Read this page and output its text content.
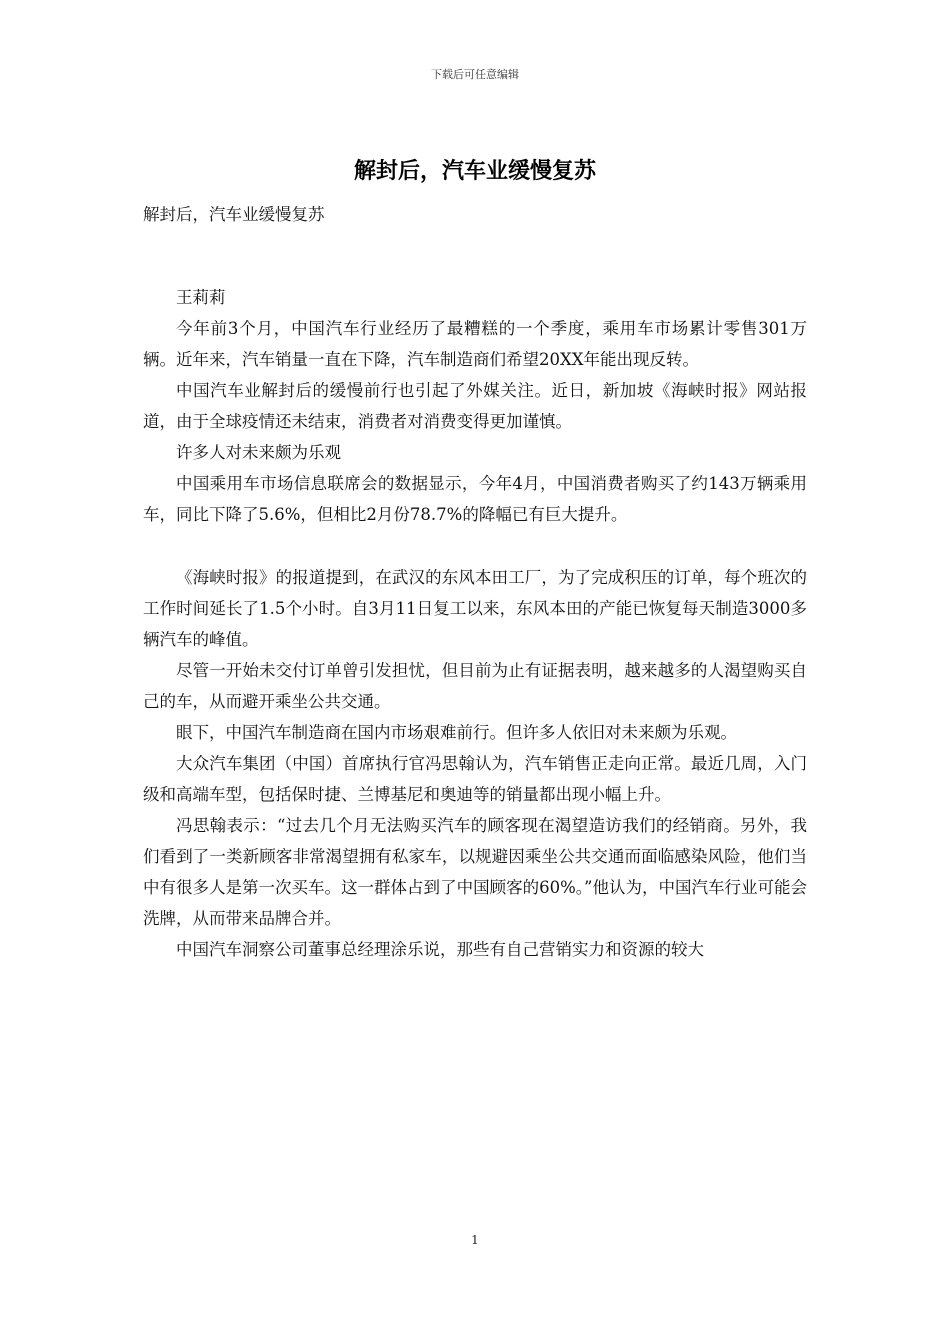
下载后可任意编辑
解封后，汽车业缓慢复苏

解封后，汽车业缓慢复苏

王莉莉

今年前3个月，中国汽车行业经历了最糟糕的一个季度，乘用车市场累计零售301万辆。近年来，汽车销量一直在下降，汽车制造商们希望20XX年能出现反转。

中国汽车业解封后的缓慢前行也引起了外媒关注。近日，新加坡《海峡时报》网站报道，由于全球疫情还未结束，消费者对消费变得更加谨慎。

许多人对未来颇为乐观

中国乘用车市场信息联席会的数据显示，今年4月，中国消费者购买了约143万辆乘用车，同比下降了5.6%，但相比2月份78.7%的降幅已有巨大提升。

《海峡时报》的报道提到，在武汉的东风本田工厂，为了完成积压的订单，每个班次的工作时间延长了1.5个小时。自3月11日复工以来，东风本田的产能已恢复每天制造3000多辆汽车的峰值。

尽管一开始未交付订单曾引发担忧，但目前为止有证据表明，越来越多的人渴望购买自己的车，从而避开乘坐公共交通。

眼下，中国汽车制造商在国内市场艰难前行。但许多人依旧对未来颇为乐观。

大众汽车集团（中国）首席执行官冯思翰认为，汽车销售正走向正常。最近几周，入门级和高端车型，包括保时捷、兰博基尼和奥迪等的销量都出现小幅上升。

冯思翰表示：“过去几个月无法购买汽车的顾客现在渴望造访我们的经销商。另外，我们看到了一类新顾客非常渴望拥有私家车，以规避因乘坐公共交通而面临感染风险，他们当中有很多人是第一次买车。这一群体占到了中国顾客的60%。”他认为，中国汽车行业可能会洗牌，从而带来品牌合并。

中国汽车洞察公司董事总经理涂乐说，那些有自己营销实力和资源的较大

1
